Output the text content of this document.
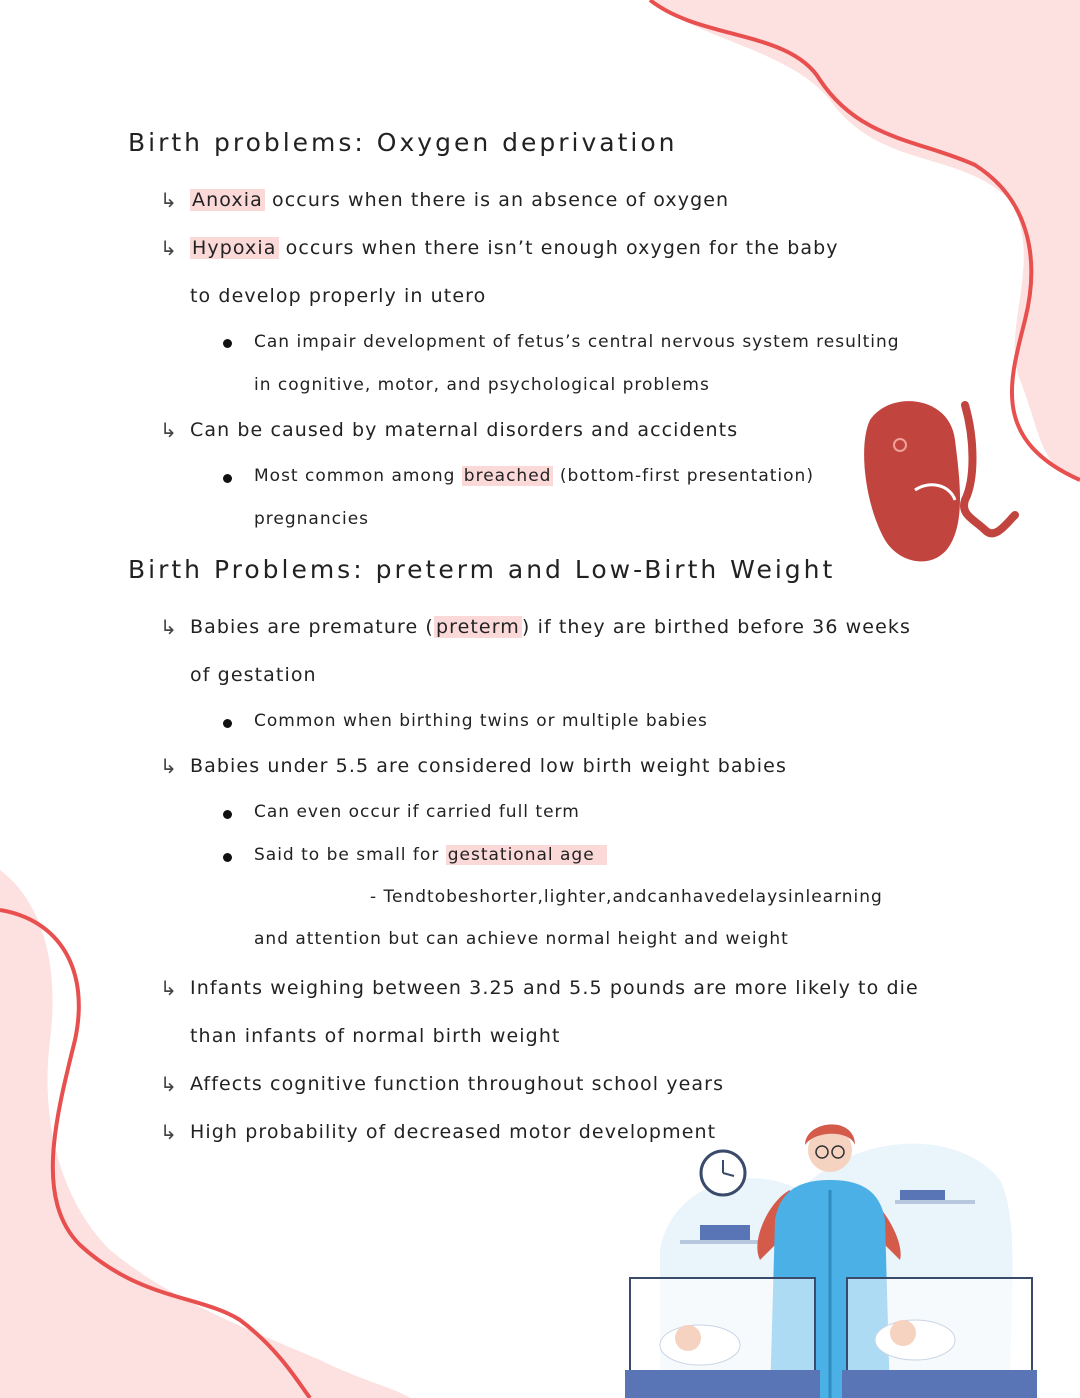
Birth problems: Oxygen deprivation
↳ Anoxia occurs when there is an absence of oxygen
↳ Hypoxia occurs when there isn’t enough oxygen for the baby
to develop properly in utero
Can impair development of fetus’s central nervous system resulting
in cognitive, motor, and psychological problems
↳ Can be caused by maternal disorders and accidents
Most common among breached (bottom-first presentation)
pregnancies
Birth Problems: preterm and Low-Birth Weight
↳ Babies are premature ( preterm ) if they are birthed before 36 weeks
of gestation
Common when birthing twins or multiple babies
↳ Babies under 5.5 are considered low birth weight babies
Can even occur if carried full term
Said to be small for gestational age
- Tendtobeshorter,lighter,andcanhavedelaysinlearning
and attention but can achieve normal height and weight
↳ Infants weighing between 3.25 and 5.5 pounds are more likely to die
than infants of normal birth weight
↳ Affects cognitive function throughout school years
↳ High probability of decreased motor development
